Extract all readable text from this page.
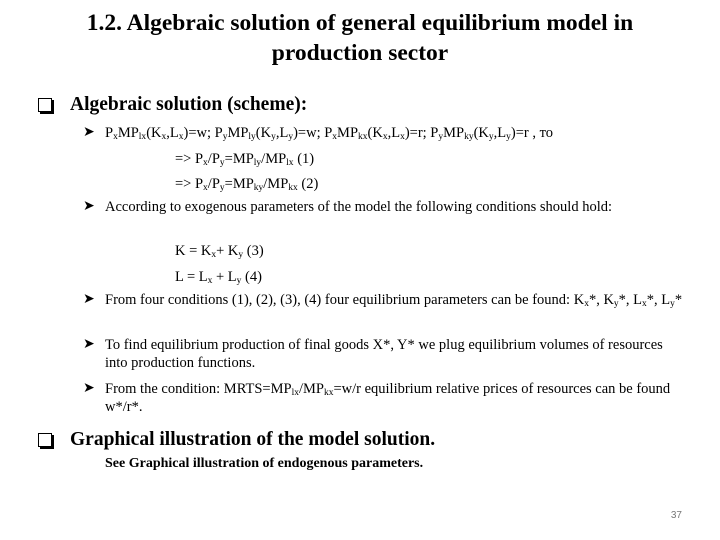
1.2. Algebraic solution of general equilibrium model in production sector
Algebraic solution (scheme):
➤ $P_xMP_{lx}(K_x,L_x)=w$; $P_yMP_{ly}(K_y,L_y)=w$; $P_xMP_{kx}(K_x,L_x)=r$; $P_yMP_{ky}(K_y,L_y)=r$ , то
=> $P_x/P_y=MP_{ly}/MP_{lx}$ (1)
=> $P_x/P_y=MP_{ky}/MP_{kx}$ (2)
➤ According to exogenous parameters of the model the following conditions should hold:
$K = K_x+ K_y$ (3)
$L = L_x + L_y$ (4)
➤ From four conditions (1), (2), (3), (4) four equilibrium parameters can be found: $K_x*$, $K_y*$, $L_x*$, $L_y*$
➤ To find equilibrium production of final goods X*, Y* we plug equilibrium volumes of resources into production functions.
➤ From the condition: $MRTS=MP_{lx}/MP_{kx}=w/r$ equilibrium relative prices of resources can be found w*/r*.
Graphical illustration of the model solution.
See Graphical illustration of endogenous parameters.
37
